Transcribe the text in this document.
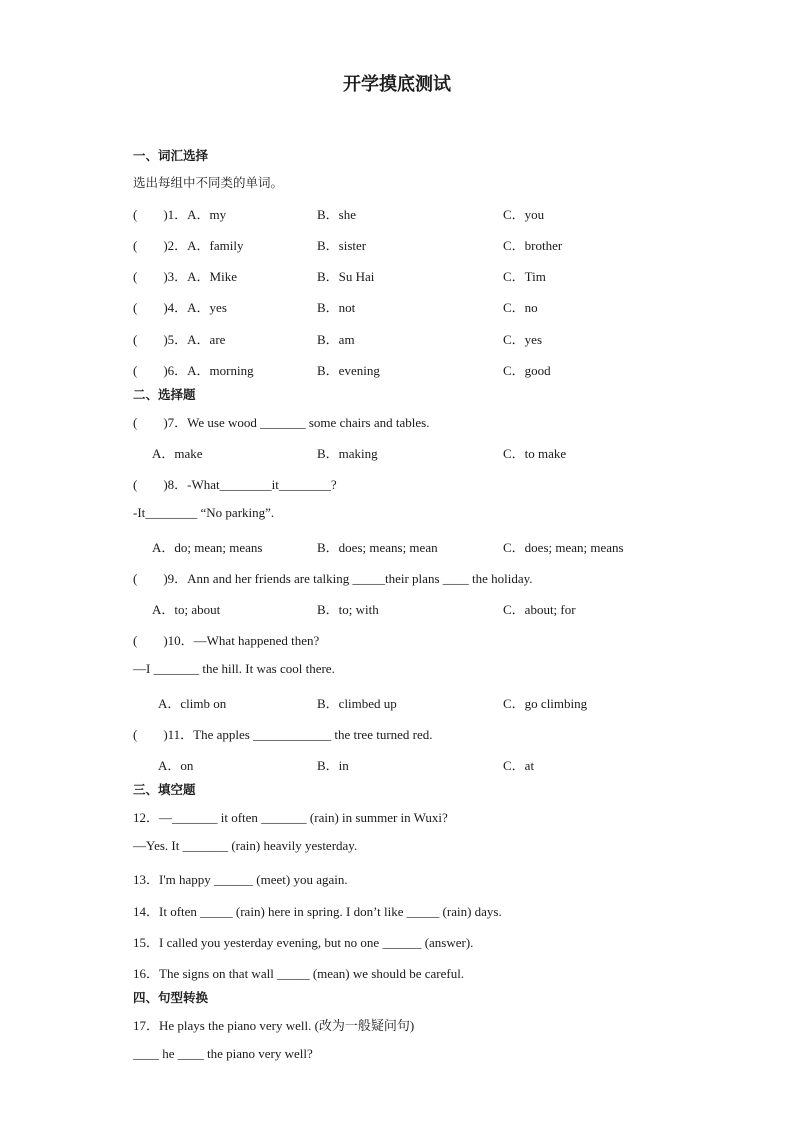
开学摸底测试
一、词汇选择
选出每组中不同类的单词。
(　　)1．A．my	B．she	C．you
(　　)2．A．family	B．sister	C．brother
(　　)3．A．Mike	B．Su Hai	C．Tim
(　　)4．A．yes	B．not	C．no
(　　)5．A．are	B．am	C．yes
(　　)6．A．morning	B．evening	C．good
二、选择题
(　　)7．We use wood _______ some chairs and tables.
A．make	B．making	C．to make
(　　)8．-What________it________?
-It________ “No parking”.
A．do; mean; means	B．does; means; mean	C．does; mean; means
(　　)9．Ann and her friends are talking _____their plans ____ the holiday.
A．to; about	B．to; with	C．about; for
(　　)10．—What happened then?
—I _______ the hill. It was cool there.
A．climb on	B．climbed up	C．go climbing
(　　)11．The apples ____________ the tree turned red.
A．on	B．in	C．at
三、填空题
12．—_______ it often _______ (rain) in summer in Wuxi?
—Yes. It _______ (rain) heavily yesterday.
13．I'm happy ______ (meet) you again.
14．It often _____ (rain) here in spring. I don’t like _____ (rain) days.
15．I called you yesterday evening, but no one ______ (answer).
16．The signs on that wall _____ (mean) we should be careful.
四、句型转换
17．He plays the piano very well. (改为一般疑问句)
____ he ____ the piano very well?
